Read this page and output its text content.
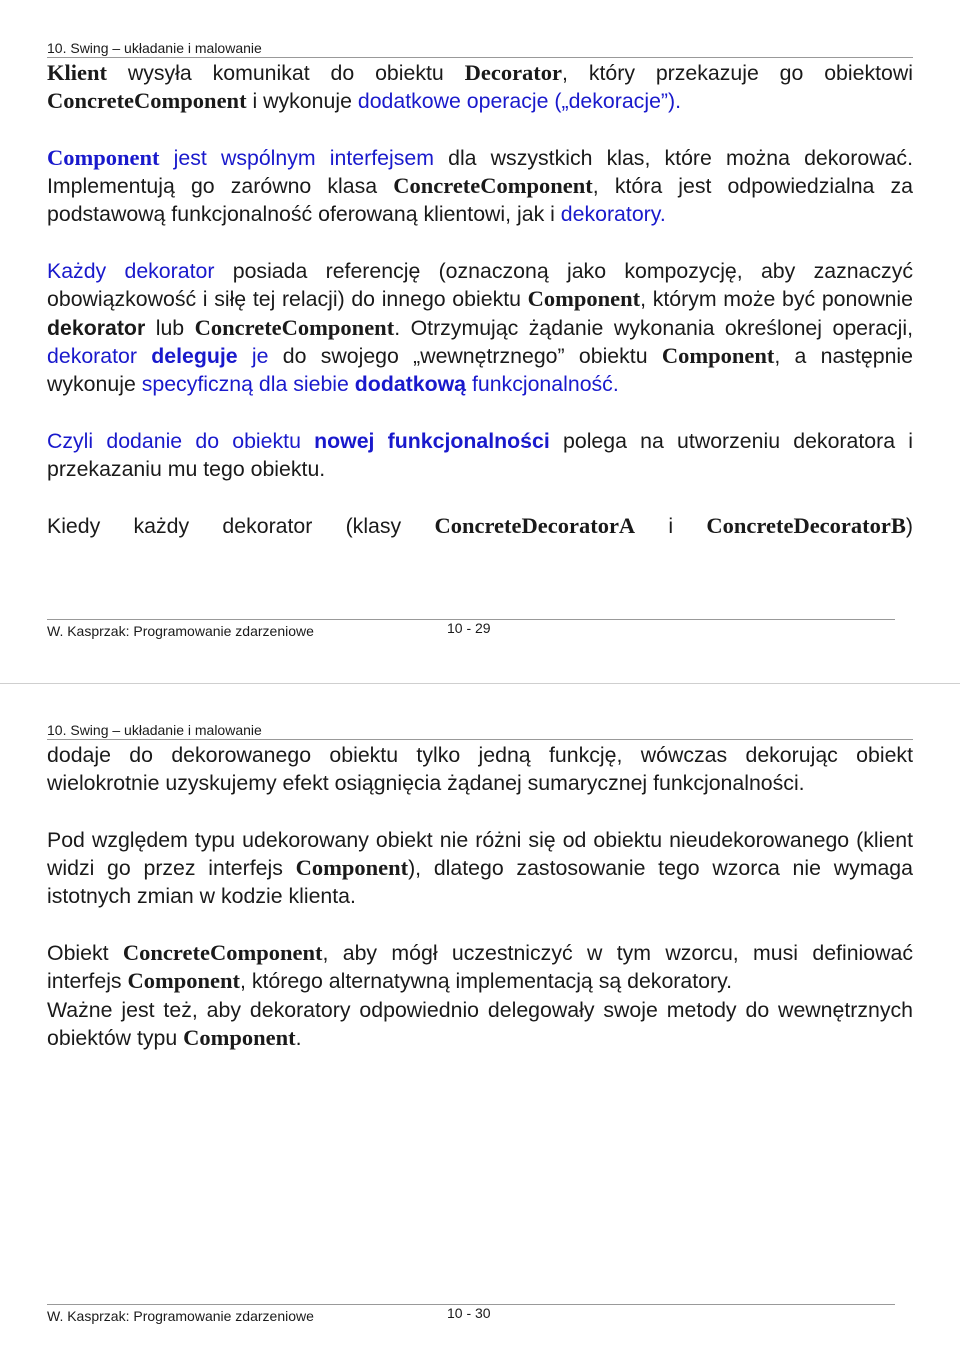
10. Swing – układanie i malowanie

Klient wysyła komunikat do obiektu Decorator, który przekazuje go obiektowi ConcreteComponent i wykonuje dodatkowe operacje („dekoracje”).

Component jest wspólnym interfejsem dla wszystkich klas, które można dekorować. Implementują go zarówno klasa ConcreteComponent, która jest odpowiedzialna za podstawową funkcjonalność oferowaną klientowi, jak i dekoratory.

Każdy dekorator posiada referencję (oznaczoną jako kompozycję, aby zaznaczyć obowiązkowość i siłę tej relacji) do innego obiektu Component, którym może być ponownie dekorator lub ConcreteComponent. Otrzymując żądanie wykonania określonej operacji, dekorator deleguje je do swojego „wewnętrznego” obiektu Component, a następnie wykonuje specyficzną dla siebie dodatkową funkcjonalność.

Czyli dodanie do obiektu nowej funkcjonalności polega na utworzeniu dekoratora i przekazaniu mu tego obiektu.

Kiedy każdy dekorator (klasy ConcreteDecoratorA i ConcreteDecoratorB)

W. Kasprzak: Programowanie zdarzeniowe	10 - 29
10. Swing – układanie i malowanie

dodaje do dekorowanego obiektu tylko jedną funkcję, wówczas dekorując obiekt wielokrotnie uzyskujemy efekt osiągnięcia żądanej sumarycznej funkcjonalności.

Pod względem typu udekorowany obiekt nie różni się od obiektu nieudekorowanego (klient widzi go przez interfejs Component), dlatego zastosowanie tego wzorca nie wymaga istotnych zmian w kodzie klienta.

Obiekt ConcreteComponent, aby mógł uczestniczyć w tym wzorcu, musi definiować interfejs Component, którego alternatywną implementacją są dekoratory.

Ważne jest też, aby dekoratory odpowiednio delegowały swoje metody do wewnętrznych obiektów typu Component.

W. Kasprzak: Programowanie zdarzeniowe	10 - 30
